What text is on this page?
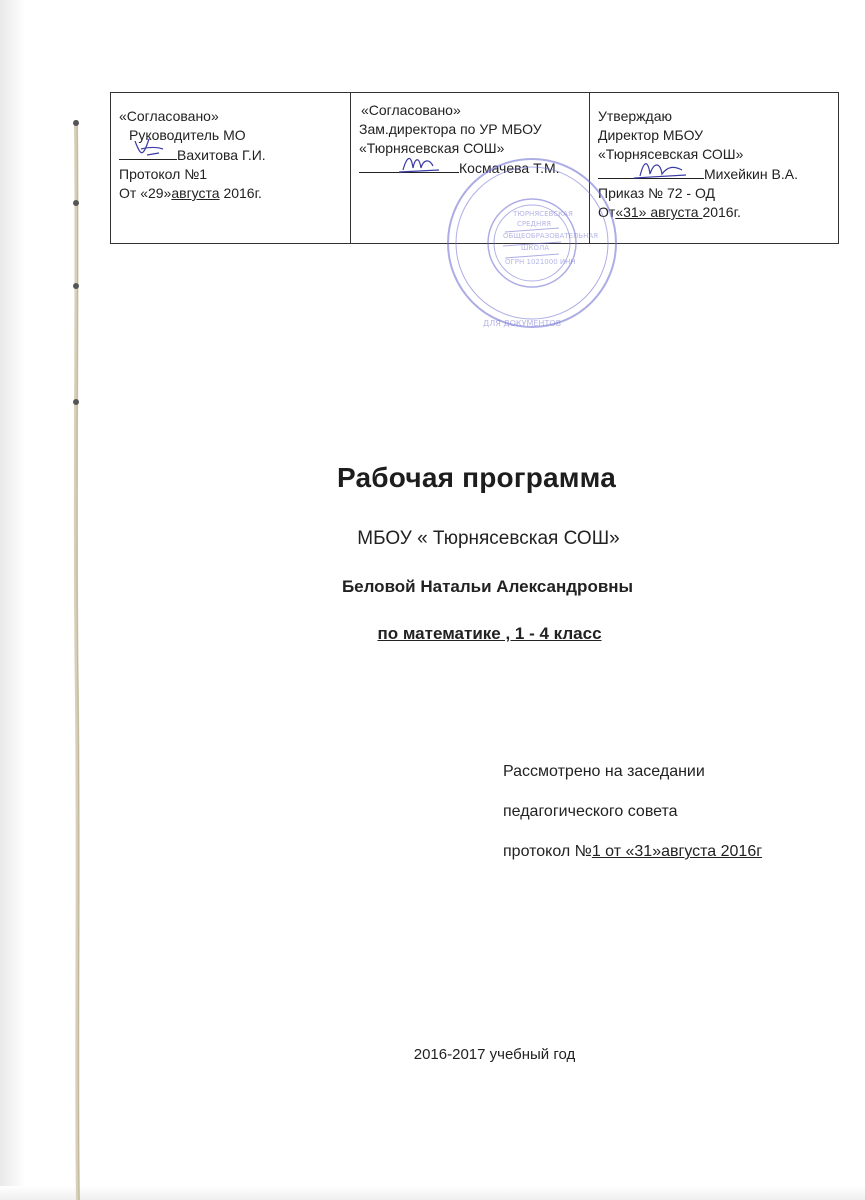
«Согласовано»
Руководитель МО
Вахитова Г.И.
Протокол №1
От «29»августа 2016г.

«Согласовано»
Зам.директора по УР МБОУ
«Тюрнясевская СОШ»
Космачева Т.М.

Утверждаю
Директор МБОУ
«Тюрнясевская СОШ»
Михейкин В.А.
Приказ № 72 - ОД
От«31» августа 2016г.
ТЮРНЯСЕВСКАЯ
СРЕДНЯЯ
ОБЩЕОБРАЗОВАТЕЛЬНАЯ
ШКОЛА
ОГРН 1021000 ИНН
ДЛЯ ДОКУМЕНТОВ
Рабочая программа
МБОУ « Тюрнясевская СОШ»
Беловой Натальи Александровны
по математике , 1 - 4 класс
Рассмотрено на заседании
педагогического совета
протокол №1 от «31»августа 2016г
2016-2017 учебный год
